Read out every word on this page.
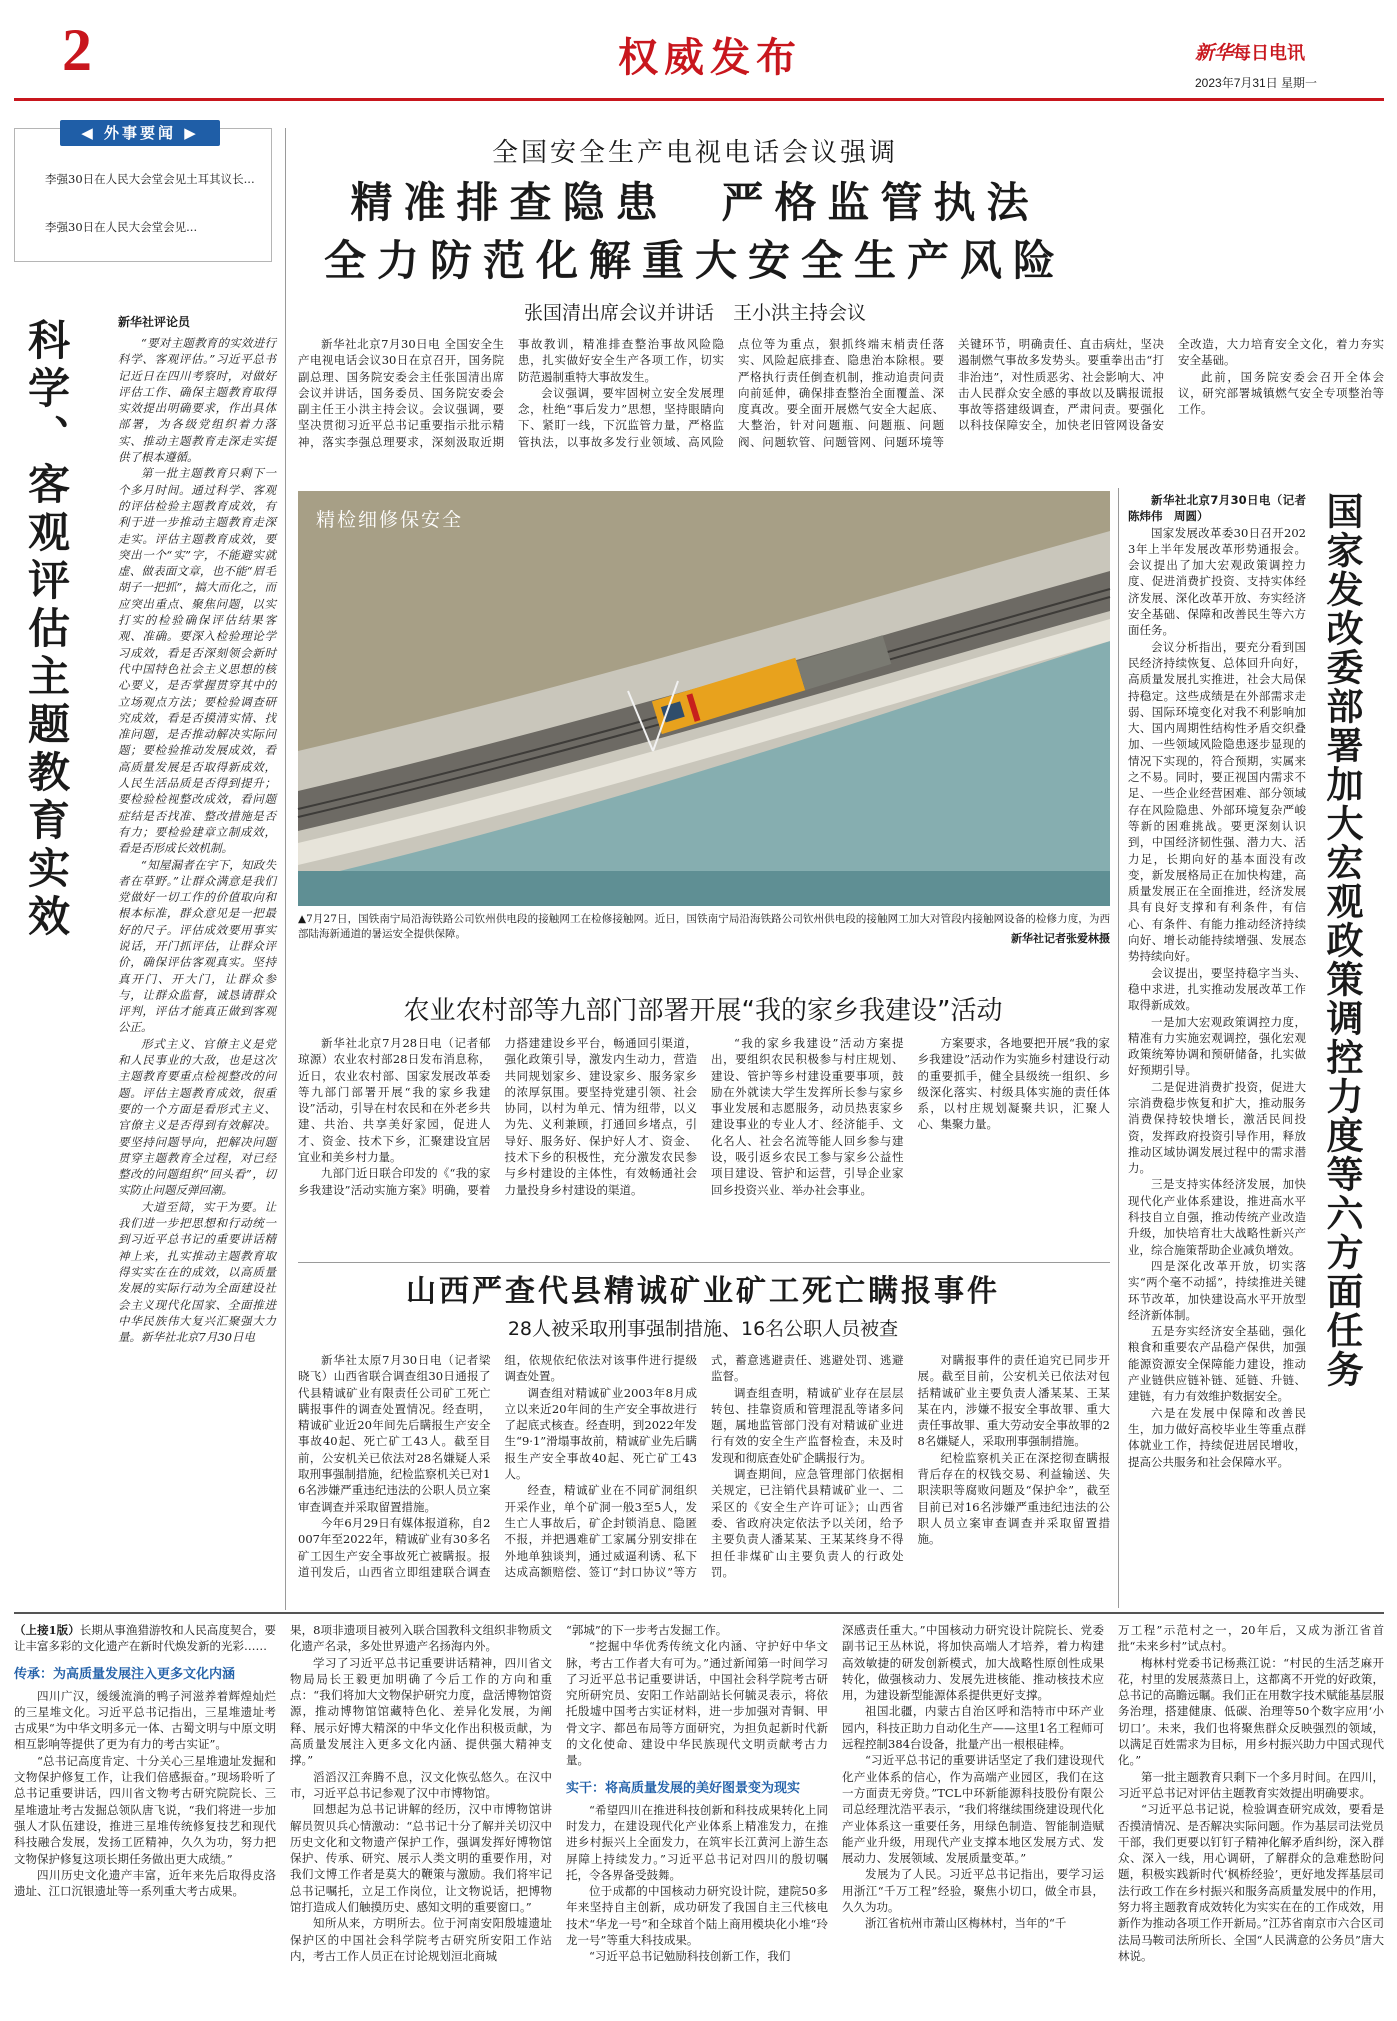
2	权威发布	新华每日电讯
2023年7月31日 星期一
◀ 外事要闻 ▶

李强30日在人民大会堂会见土耳其议长...

李强30日在人民大会堂会见...

科学、客观评估主题教育实效	新华社评论员

“要对主题教育的实效进行科学、客观评估。”习近平总书记近日在四川考察时，对做好评估工作、确保主题教育取得实效提出明确要求，作出具体部署，为各级党组织着力落实、推动主题教育走深走实提供了根本遵循。

第一批主题教育只剩下一个多月时间。通过科学、客观的评估检验主题教育成效，有利于进一步推动主题教育走深走实。评估主题教育成效，要突出一个“实”字，不能避实就虚、做表面文章，也不能“眉毛胡子一把抓”，搞大而化之，而应突出重点、聚焦问题，以实打实的检验确保评估结果客观、准确。要深入检验理论学习成效，看是否深刻领会新时代中国特色社会主义思想的核心要义，是否掌握贯穿其中的立场观点方法；要检验调查研究成效，看是否摸清实情、找准问题，是否推动解决实际问题；要检验推动发展成效，看高质量发展是否取得新成效，人民生活品质是否得到提升；要检验检视整改成效，看问题症结是否找准、整改措施是否有力；要检验建章立制成效，看是否形成长效机制。

“知屋漏者在宇下，知政失者在草野。”让群众满意是我们党做好一切工作的价值取向和根本标准，群众意见是一把最好的尺子。评估成效要用事实说话，开门抓评估，让群众评价，确保评估客观真实。坚持真开门、开大门，让群众参与，让群众监督，诚恳请群众评判，评估才能真正做到客观公正。

形式主义、官僚主义是党和人民事业的大敌，也是这次主题教育要重点检视整改的问题。评估主题教育成效，很重要的一个方面是看形式主义、官僚主义是否得到有效解决。要坚持问题导向，把解决问题贯穿主题教育全过程，对已经整改的问题组织“回头看”，切实防止问题反弹回潮。

大道至简，实干为要。让我们进一步把思想和行动统一到习近平总书记的重要讲话精神上来，扎实推动主题教育取得实实在在的成效，以高质量发展的实际行动为全面建设社会主义现代化国家、全面推进中华民族伟大复兴汇聚强大力量。新华社北京7月30日电

全国安全生产电视电话会议强调
精准排查隐患　严格监管执法
全力防范化解重大安全生产风险
张国清出席会议并讲话　王小洪主持会议

新华社北京7月30日电 全国安全生产电视电话会议30日在京召开，国务院副总理、国务院安委会主任张国清出席会议并讲话，国务委员、国务院安委会副主任王小洪主持会议。会议强调，要坚决贯彻习近平总书记重要指示批示精神，落实李强总理要求，深刻汲取近期事故教训，精准排查整治事故风险隐患，扎实做好安全生产各项工作，切实防范遏制重特大事故发生。

会议强调，要牢固树立安全发展理念，杜绝“事后发力”思想，坚持眼睛向下、紧盯一线，下沉监管力量，严格监管执法，以事故多发行业领域、高风险点位等为重点，狠抓终端末梢责任落实、风险起底排查、隐患治本除根。要严格执行责任倒查机制，推动追责问责向前延伸，确保排查整治全面覆盖、深度真改。要全面开展燃气安全大起底、大整治，针对问题瓶、问题瓶、问题阀、问题软管、问题管网、问题环境等关键环节，明确责任、直击病灶，坚决遏制燃气事故多发势头。要重拳出击“打非治违”，对性质恶劣、社会影响大、冲击人民群众安全感的事故以及瞒报谎报事故等搭建级调查，严肃问责。要强化以科技保障安全，加快老旧管网设备安全改造，大力培育安全文化，着力夯实安全基础。

此前，国务院安委会召开全体会议，研究部署城镇燃气安全专项整治等工作。

精检细修保安全

▲7月27日，国铁南宁局沿海铁路公司钦州供电段的接触网工在检修接触网。近日，国铁南宁局沿海铁路公司钦州供电段的接触网工加大对管段内接触网设备的检修力度，为西部陆海新通道的暑运安全提供保障。	新华社记者张爱林摄	国家发改委部署加大宏观政策调控力度等六方面任务

新华社北京7月30日电（记者陈炜伟　周圆）

国家发展改革委30日召开2023年上半年发展改革形势通报会。会议提出了加大宏观政策调控力度、促进消费扩投资、支持实体经济发展、深化改革开放、夯实经济安全基础、保障和改善民生等六方面任务。

会议分析指出，要充分看到国民经济持续恢复、总体回升向好，高质量发展扎实推进，社会大局保持稳定。这些成绩是在外部需求走弱、国际环境变化对我不利影响加大、国内周期性结构性矛盾交织叠加、一些领域风险隐患逐步显现的情况下实现的，符合预期，实属来之不易。同时，要正视国内需求不足、一些企业经营困难、部分领域存在风险隐患、外部环境复杂严峻等新的困难挑战。要更深刻认识到，中国经济韧性强、潜力大、活力足，长期向好的基本面没有改变，新发展格局正在加快构建，高质量发展正在全面推进，经济发展具有良好支撑和有利条件，有信心、有条件、有能力推动经济持续向好、增长动能持续增强、发展态势持续向好。

会议提出，要坚持稳字当头、稳中求进，扎实推动发展改革工作取得新成效。

一是加大宏观政策调控力度，精准有力实施宏观调控，强化宏观政策统筹协调和预研储备，扎实做好预期引导。

二是促进消费扩投资，促进大宗消费稳步恢复和扩大，推动服务消费保持较快增长，激活民间投资，发挥政府投资引导作用，释放推动区域协调发展过程中的需求潜力。

三是支持实体经济发展，加快现代化产业体系建设，推进高水平科技自立自强，推动传统产业改造升级，加快培育壮大战略性新兴产业，综合施策帮助企业减负增效。

四是深化改革开放，切实落实“两个毫不动摇”，持续推进关键环节改革，加快建设高水平开放型经济新体制。

五是夯实经济安全基础，强化粮食和重要农产品稳产保供，加强能源资源安全保障能力建设，推动产业链供应链补链、延链、升链、建链，有力有效维护数据安全。

六是在发展中保障和改善民生，加力做好高校毕业生等重点群体就业工作，持续促进居民增收，提高公共服务和社会保障水平。

农业农村部等九部门部署开展“我的家乡我建设”活动

新华社北京7月28日电（记者郁琼源）农业农村部28日发布消息称，近日，农业农村部、国家发展改革委等九部门部署开展“我的家乡我建设”活动，引导在村农民和在外老乡共建、共治、共享美好家园，促进人才、资金、技术下乡，汇聚建设宜居宜业和美乡村力量。

九部门近日联合印发的《“我的家乡我建设”活动实施方案》明确，要着力搭建建设乡平台，畅通回引渠道，强化政策引导，激发内生动力，营造共同规划家乡、建设家乡、服务家乡的浓厚氛围。要坚持党建引领、社会协同，以村为单元、情为纽带，以义为先、义利兼顾，打通回乡堵点，引导好、服务好、保护好人才、资金、技术下乡的积极性，充分激发农民参与乡村建设的主体性，有效畅通社会力量投身乡村建设的渠道。

“我的家乡我建设”活动方案提出，要组织农民积极参与村庄规划、建设、管护等乡村建设重要事项，鼓励在外就读大学生发挥所长参与家乡事业发展和志愿服务，动员热衷家乡建设事业的专业人才、经济能手、文化名人、社会名流等能人回乡参与建设，吸引返乡农民工参与家乡公益性项目建设、管护和运营，引导企业家回乡投资兴业、举办社会事业。

方案要求，各地要把开展“我的家乡我建设”活动作为实施乡村建设行动的重要抓手，健全县级统一组织、乡级深化落实、村级具体实施的责任体系，以村庄规划凝聚共识，汇聚人心、集聚力量。

山西严查代县精诚矿业矿工死亡瞒报事件
28人被采取刑事强制措施、16名公职人员被查

新华社太原7月30日电（记者梁晓飞）山西省联合调查组30日通报了代县精诚矿业有限责任公司矿工死亡瞒报事件的调查处置情况。经查明，精诚矿业近20年间先后瞒报生产安全事故40起、死亡矿工43人。截至目前，公安机关已依法对28名嫌疑人采取刑事强制措施，纪检监察机关已对16名涉嫌严重违纪违法的公职人员立案审查调查并采取留置措施。

今年6月29日有媒体报道称，自2007年至2022年，精诚矿业有30多名矿工因生产安全事故死亡被瞒报。报道刊发后，山西省立即组建联合调查组，依规依纪依法对该事件进行提级调查处置。

调查组对精诚矿业2003年8月成立以来近20年间的生产安全事故进行了起底式核查。经查明，到2022年发生“9·1”滑塌事故前，精诚矿业先后瞒报生产安全事故40起、死亡矿工43人。

经查，精诚矿业在不同矿洞组织开采作业，单个矿洞一般3至5人，发生亡人事故后，矿企封锁消息、隐匿不报，并把遇难矿工家属分别安排在外地单独谈判，通过威逼利诱、私下达成高额赔偿、签订“封口协议”等方式，蓄意逃避责任、逃避处罚、逃避监督。

调查组查明，精诚矿业存在层层转包、挂靠资质和管理混乱等诸多问题，属地监管部门没有对精诚矿业进行有效的安全生产监督检查，未及时发现和彻底查处矿企瞒报行为。

调查期间，应急管理部门依据相关规定，已注销代县精诚矿业一、二采区的《安全生产许可证》；山西省委、省政府决定依法予以关闭，给予主要负责人潘某某、王某某终身不得担任非煤矿山主要负责人的行政处罚。

对瞒报事件的责任追究已同步开展。截至目前，公安机关已依法对包括精诚矿业主要负责人潘某某、王某某在内，涉嫌不报安全事故罪、重大责任事故罪、重大劳动安全事故罪的28名嫌疑人，采取刑事强制措施。

纪检监察机关正在深挖彻查瞒报背后存在的权钱交易、利益输送、失职渎职等腐败问题及“保护伞”，截至目前已对16名涉嫌严重违纪违法的公职人员立案审查调查并采取留置措施。

（上接1版）长期从事渔猎游牧和人民高度契合，要让丰富多彩的文化遗产在新时代焕发新的光彩……

传承：为高质量发展注入更多文化内涵

四川广汉，缓缓流淌的鸭子河滋养着辉煌灿烂的三星堆文化。习近平总书记指出，三星堆遗址考古成果“为中华文明多元一体、古蜀文明与中原文明相互影响等提供了更为有力的考古实证”。

“总书记高度肯定、十分关心三星堆遗址发掘和文物保护修复工作，让我们倍感振奋。”现场聆听了总书记重要讲话，四川省文物考古研究院院长、三星堆遗址考古发掘总领队唐飞说，“我们将进一步加强人才队伍建设，推进三星堆传统修复技艺和现代科技融合发展，发扬工匠精神，久久为功，努力把文物保护修复这项长期任务做出更大成绩。”

四川历史文化遗产丰富，近年来先后取得皮洛遗址、江口沉银遗址等一系列重大考古成果。

果，8项非遗项目被列入联合国教科文组织非物质文化遗产名录，多处世界遗产名扬海内外。

学习了习近平总书记重要讲话精神，四川省文物局局长王毅更加明确了今后工作的方向和重点：“我们将加大文物保护研究力度，盘活博物馆资源，推动博物馆馆藏特色化、差异化发展，为阐释、展示好博大精深的中华文化作出积极贡献，为高质量发展注入更多文化内涵、提供强大精神支撑。”

滔滔汉江奔腾不息，汉文化恢弘悠久。在汉中市，习近平总书记参观了汉中市博物馆。

回想起为总书记讲解的经历，汉中市博物馆讲解员贺贝兵心情激动：“总书记十分了解并关切汉中历史文化和文物遗产保护工作，强调发挥好博物馆保护、传承、研究、展示人类文明的重要作用，对我们文博工作者是莫大的鞭策与激励。我们将牢记总书记嘱托，立足工作岗位，让文物说话，把博物馆打造成人们触摸历史、感知文明的重要窗口。”

知所从来，方明所去。位于河南安阳殷墟遗址保护区的中国社会科学院考古研究所安阳工作站内，考古工作人员正在讨论规划洹北商城

“郭城”的下一步考古发掘工作。

“挖掘中华优秀传统文化内涵、守护好中华文脉，考古工作者大有可为。”通过新闻第一时间学习了习近平总书记重要讲话，中国社会科学院考古研究所研究员、安阳工作站副站长何毓灵表示，将依托殷墟中国考古实证材料，进一步加强对青铜、甲骨文字、都邑布局等方面研究，为担负起新时代新的文化使命、建设中华民族现代文明贡献考古力量。

实干：将高质量发展的美好图景变为现实

“希望四川在推进科技创新和科技成果转化上同时发力，在建设现代化产业体系上精准发力，在推进乡村振兴上全面发力，在筑牢长江黄河上游生态屏障上持续发力。”习近平总书记对四川的殷切嘱托，令各界备受鼓舞。

位于成都的中国核动力研究设计院，建院50多年来坚持自主创新，成功研发了我国自主三代核电技术“华龙一号”和全球首个陆上商用模块化小堆“玲龙一号”等重大科技成果。

“习近平总书记勉励科技创新工作，我们

深感责任重大。”中国核动力研究设计院院长、党委副书记王丛林说，将加快高端人才培养，着力构建高效敏捷的研发创新模式，加大战略性原创性成果转化，做强核动力、发展先进核能、推动核技术应用，为建设新型能源体系提供更好支撑。

祖国北疆，内蒙古自治区呼和浩特市中环产业园内，科技正助力自动化生产——这里1名工程师可远程控制384台设备，批量产出一根根硅棒。

“习近平总书记的重要讲话坚定了我们建设现代化产业体系的信心，作为高端产业园区，我们在这一方面责无旁贷。”TCL中环新能源科技股份有限公司总经理沈浩平表示，“我们将继续围绕建设现代化产业体系这一重要任务，用绿色制造、智能制造赋能产业升级，用现代产业支撑本地区发展方式、发展动力、发展领域、发展质量变革。”

发展为了人民。习近平总书记指出，要学习运用浙江“千万工程”经验，聚焦小切口，做全市县，久久为功。

浙江省杭州市萧山区梅林村，当年的“千

万工程”示范村之一，20年后，又成为浙江省首批“未来乡村”试点村。

梅林村党委书记杨燕江说：“村民的生活芝麻开花，村里的发展蒸蒸日上，这都离不开党的好政策，总书记的高瞻远瞩。我们正在用数字技术赋能基层服务治理，搭建健康、低碳、治理等50个数字应用‘小切口’。未来，我们也将聚焦群众反映强烈的领域，以满足百姓需求为目标，用乡村振兴助力中国式现代化。”

第一批主题教育只剩下一个多月时间。在四川，习近平总书记对评估主题教育实效提出明确要求。

“习近平总书记说，检验调查研究成效，要看是否摸清情况、是否解决实际问题。作为基层司法党员干部，我们更要以钉钉子精神化解矛盾纠纷，深入群众、深入一线，用心调研，了解群众的急难愁盼问题，积极实践新时代‘枫桥经验’，更好地发挥基层司法行政工作在乡村振兴和服务高质量发展中的作用，努力将主题教育成效转化为实实在在的工作成效，用新作为推动各项工作开新局。”江苏省南京市六合区司法局马鞍司法所所长、全国“人民满意的公务员”唐大林说。
